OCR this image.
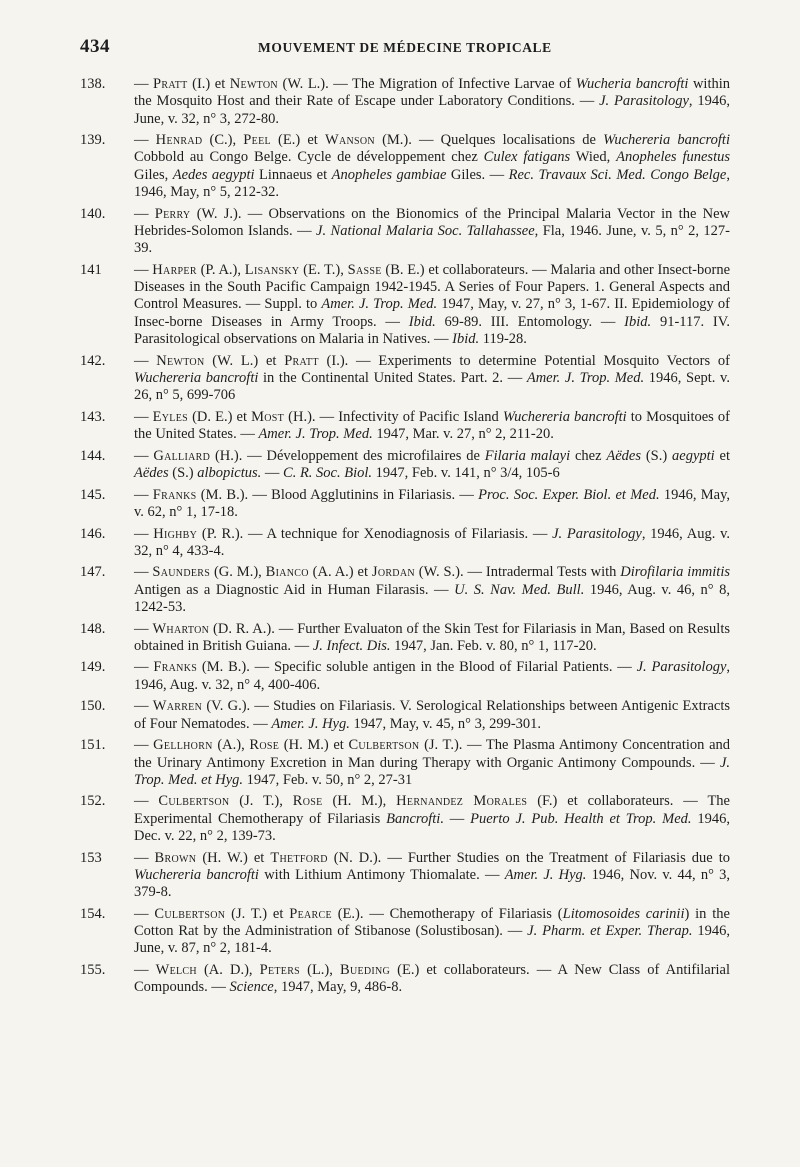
434	MOUVEMENT DE MÉDECINE TROPICALE
138. — Pratt (I.) et Newton (W. L.). — The Migration of Infective Larvae of Wucheria bancrofti within the Mosquito Host and their Rate of Escape under Laboratory Conditions. — J. Parasitology, 1946, June, v. 32, n° 3, 272-80.
139. — Henrad (C.), Peel (E.) et Wanson (M.). — Quelques localisations de Wuchereria bancrofti Cobbold au Congo Belge. Cycle de développement chez Culex fatigans Wied, Anopheles funestus Giles, Aedes aegypti Linnaeus et Anopheles gambiae Giles. — Rec. Travaux Sci. Med. Congo Belge, 1946, May, n° 5, 212-32.
140. — Perry (W. J.). — Observations on the Bionomics of the Principal Malaria Vector in the New Hebrides-Solomon Islands. — J. National Malaria Soc. Tallahassee, Fla, 1946. June, v. 5, n° 2, 127-39.
141 — Harper (P. A.), Lisansky (E. T.), Sasse (B. E.) et collaborateurs. — Malaria and other Insect-borne Diseases in the South Pacific Campaign 1942-1945. A Series of Four Papers. 1. General Aspects and Control Measures. — Suppl. to Amer. J. Trop. Med. 1947, May, v. 27, n° 3, 1-67. II. Epidemiology of Insec-borne Diseases in Army Troops. — Ibid. 69-89. III. Entomology. — Ibid. 91-117. IV. Parasitological observations on Malaria in Natives. — Ibid. 119-28.
142. — Newton (W. L.) et Pratt (I.). — Experiments to determine Potential Mosquito Vectors of Wuchereria bancrofti in the Continental United States. Part. 2. — Amer. J. Trop. Med. 1946, Sept. v. 26, n° 5, 699-706
143. — Eyles (D. E.) et Most (H.). — Infectivity of Pacific Island Wuchereria bancrofti to Mosquitoes of the United States. — Amer. J. Trop. Med. 1947, Mar. v. 27, n° 2, 211-20.
144. — Galliard (H.). — Développement des microfilaires de Filaria malayi chez Aëdes (S.) aegypti et Aëdes (S.) albopictus. — C. R. Soc. Biol. 1947, Feb. v. 141, n° 3/4, 105-6
145. — Franks (M. B.). — Blood Agglutinins in Filariasis. — Proc. Soc. Exper. Biol. et Med. 1946, May, v. 62, n° 1, 17-18.
146. — Highby (P. R.). — A technique for Xenodiagnosis of Filariasis. — J. Parasitology, 1946, Aug. v. 32, n° 4, 433-4.
147. — Saunders (G. M.), Bianco (A. A.) et Jordan (W. S.). — Intradermal Tests with Dirofilaria immitis Antigen as a Diagnostic Aid in Human Filarasis. — U. S. Nav. Med. Bull. 1946, Aug. v. 46, n° 8, 1242-53.
148. — Wharton (D. R. A.). — Further Evaluaton of the Skin Test for Filariasis in Man, Based on Results obtained in British Guiana. — J. Infect. Dis. 1947, Jan. Feb. v. 80, n° 1, 117-20.
149. — Franks (M. B.). — Specific soluble antigen in the Blood of Filarial Patients. — J. Parasitology, 1946, Aug. v. 32, n° 4, 400-406.
150. — Warren (V. G.). — Studies on Filariasis. V. Serological Relationships between Antigenic Extracts of Four Nematodes. — Amer. J. Hyg. 1947, May, v. 45, n° 3, 299-301.
151. — Gellhorn (A.), Rose (H. M.) et Culbertson (J. T.). — The Plasma Antimony Concentration and the Urinary Antimony Excretion in Man during Therapy with Organic Antimony Compounds. — J. Trop. Med. et Hyg. 1947, Feb. v. 50, n° 2, 27-31
152. — Culbertson (J. T.), Rose (H. M.), Hernandez Morales (F.) et collaborateurs. — The Experimental Chemotherapy of Filariasis Bancrofti. — Puerto J. Pub. Health et Trop. Med. 1946, Dec. v. 22, n° 2, 139-73.
153 — Brown (H. W.) et Thetford (N. D.). — Further Studies on the Treatment of Filariasis due to Wuchereria bancrofti with Lithium Antimony Thiomalate. — Amer. J. Hyg. 1946, Nov. v. 44, n° 3, 379-8.
154. — Culbertson (J. T.) et Pearce (E.). — Chemotherapy of Filariasis (Litomosoides carinii) in the Cotton Rat by the Administration of Stibanose (Solustibosan). — J. Pharm. et Exper. Therap. 1946, June, v. 87, n° 2, 181-4.
155. — Welch (A. D.), Peters (L.), Bueding (E.) et collaborateurs. — A New Class of Antifilarial Compounds. — Science, 1947, May, 9, 486-8.
